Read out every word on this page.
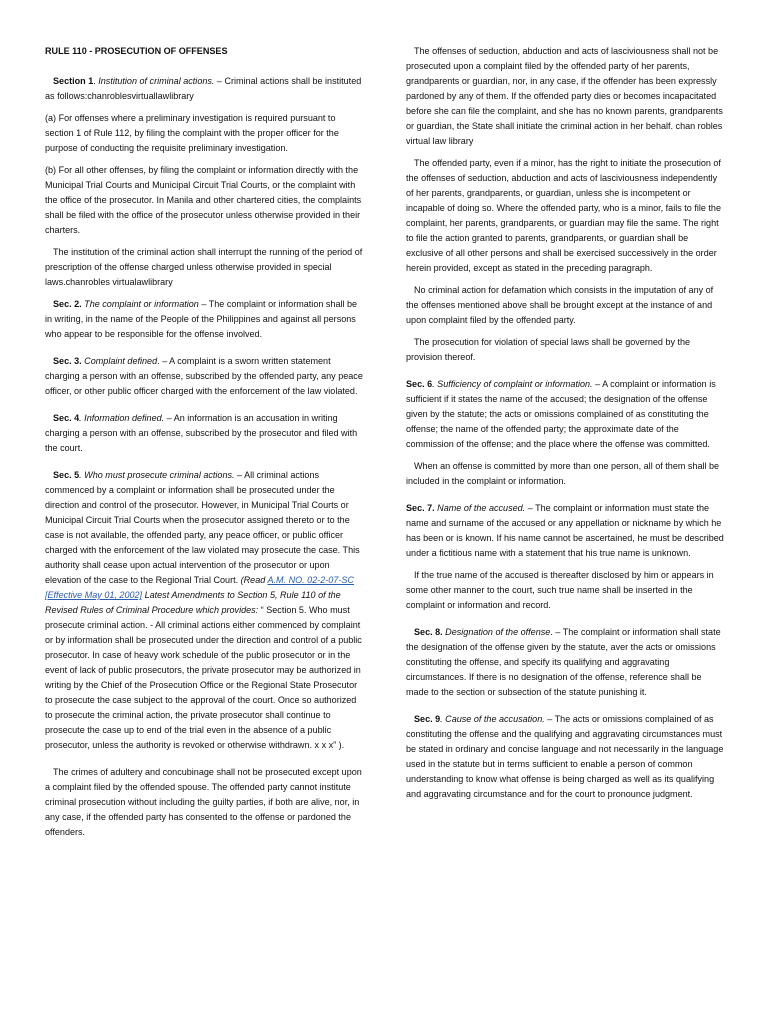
RULE 110 - PROSECUTION OF OFFENSES

Section 1. Institution of criminal actions. – Criminal actions shall be instituted as follows:chanroblesvirtuallawlibrary

(a) For offenses where a preliminary investigation is required pursuant to section 1 of Rule 112, by filing the complaint with the proper officer for the purpose of conducting the requisite preliminary investigation.

(b) For all other offenses, by filing the complaint or information directly with the Municipal Trial Courts and Municipal Circuit Trial Courts, or the complaint with the office of the prosecutor. In Manila and other chartered cities, the complaints shall be filed with the office of the prosecutor unless otherwise provided in their charters.

The institution of the criminal action shall interrupt the running of the period of prescription of the offense charged unless otherwise provided in special laws.chanrobles virtualawlibrary

Sec. 2. The complaint or information – The complaint or information shall be in writing, in the name of the People of the Philippines and against all persons who appear to be responsible for the offense involved.

Sec. 3. Complaint defined. – A complaint is a sworn written statement charging a person with an offense, subscribed by the offended party, any peace officer, or other public officer charged with the enforcement of the law violated.

Sec. 4. Information defined. – An information is an accusation in writing charging a person with an offense, subscribed by the prosecutor and filed with the court.

Sec. 5. Who must prosecute criminal actions. – All criminal actions commenced by a complaint or information shall be prosecuted under the direction and control of the prosecutor. However, in Municipal Trial Courts or Municipal Circuit Trial Courts when the prosecutor assigned thereto or to the case is not available, the offended party, any peace officer, or public officer charged with the enforcement of the law violated may prosecute the case. This authority shall cease upon actual intervention of the prosecutor or upon elevation of the case to the Regional Trial Court. (Read A.M. NO. 02-2-07-SC [Effective May 01, 2002] Latest Amendments to Section 5, Rule 110 of the Revised Rules of Criminal Procedure which provides: “ Section 5. Who must prosecute criminal action. - All criminal actions either commenced by complaint or by information shall be prosecuted under the direction and control of a public prosecutor. In case of heavy work schedule of the public prosecutor or in the event of lack of public prosecutors, the private prosecutor may be authorized in writing by the Chief of the Prosecution Office or the Regional State Prosecutor to prosecute the case subject to the approval of the court. Once so authorized to prosecute the criminal action, the private prosecutor shall continue to prosecute the case up to end of the trial even in the absence of a public prosecutor, unless the authority is revoked or otherwise withdrawn. x x x” ).

The crimes of adultery and concubinage shall not be prosecuted except upon a complaint filed by the offended spouse. The offended party cannot institute criminal prosecution without including the guilty parties, if both are alive, nor, in any case, if the offended party has consented to the offense or pardoned the offenders.

The offenses of seduction, abduction and acts of lasciviousness shall not be prosecuted upon a complaint filed by the offended party of her parents, grandparents or guardian, nor, in any case, if the offender has been expressly pardoned by any of them. If the offended party dies or becomes incapacitated before she can file the complaint, and she has no known parents, grandparents or guardian, the State shall initiate the criminal action in her behalf. chan robles virtual law library

The offended party, even if a minor, has the right to initiate the prosecution of the offenses of seduction, abduction and acts of lasciviousness independently of her parents, grandparents, or guardian, unless she is incompetent or incapable of doing so. Where the offended party, who is a minor, fails to file the complaint, her parents, grandparents, or guardian may file the same. The right to file the action granted to parents, grandparents, or guardian shall be exclusive of all other persons and shall be exercised successively in the order herein provided, except as stated in the preceding paragraph.

No criminal action for defamation which consists in the imputation of any of the offenses mentioned above shall be brought except at the instance of and upon complaint filed by the offended party.

The prosecution for violation of special laws shall be governed by the provision thereof.

Sec. 6. Sufficiency of complaint or information. – A complaint or information is sufficient if it states the name of the accused; the designation of the offense given by the statute; the acts or omissions complained of as constituting the offense; the name of the offended party; the approximate date of the commission of the offense; and the place where the offense was committed.

When an offense is committed by more than one person, all of them shall be included in the complaint or information.

Sec. 7. Name of the accused. – The complaint or information must state the name and surname of the accused or any appellation or nickname by which he has been or is known. If his name cannot be ascertained, he must be described under a fictitious name with a statement that his true name is unknown.

If the true name of the accused is thereafter disclosed by him or appears in some other manner to the court, such true name shall be inserted in the complaint or information and record.

Sec. 8. Designation of the offense. – The complaint or information shall state the designation of the offense given by the statute, aver the acts or omissions constituting the offense, and specify its qualifying and aggravating circumstances. If there is no designation of the offense, reference shall be made to the section or subsection of the statute punishing it.

Sec. 9. Cause of the accusation. – The acts or omissions complained of as constituting the offense and the qualifying and aggravating circumstances must be stated in ordinary and concise language and not necessarily in the language used in the statute but in terms sufficient to enable a person of common understanding to know what offense is being charged as well as its qualifying and aggravating circumstance and for the court to pronounce judgment.
